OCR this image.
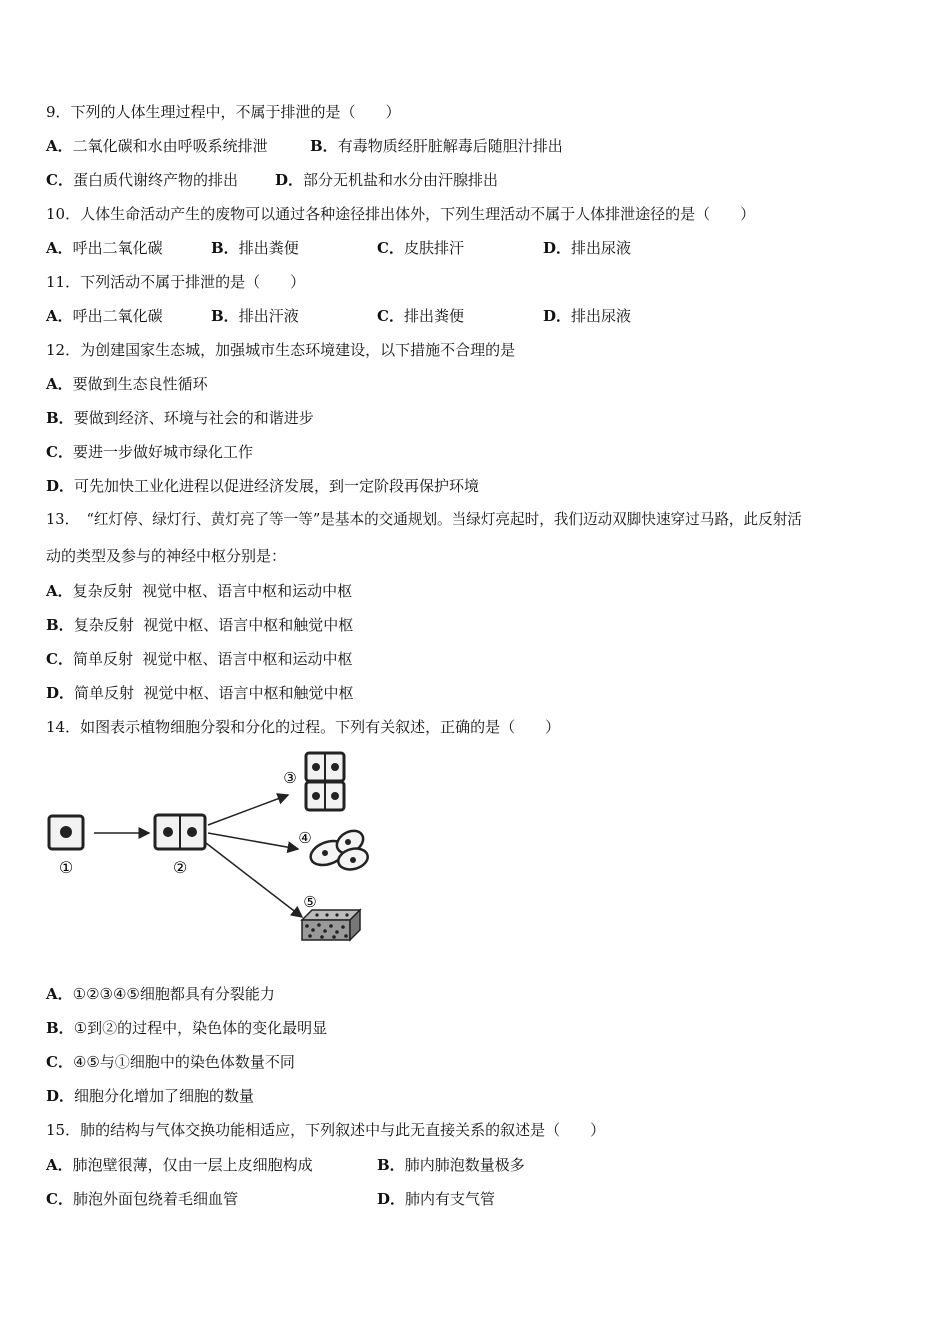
9．下列的人体生理过程中，不属于排泄的是（　　）
A．二氧化碳和水由呼吸系统排泄	B．有毒物质经肝脏解毒后随胆汁排出
C．蛋白质代谢终产物的排出 D．部分无机盐和水分由汗腺排出
10．人体生命活动产生的废物可以通过各种途径排出体外，下列生理活动不属于人体排泄途径的是（　　）
A．呼出二氧化碳	B．排出粪便	C．皮肤排汗	D．排出尿液
11．下列活动不属于排泄的是（　　）
A．呼出二氧化碳	B．排出汗液	C．排出粪便	D．排出尿液
12．为创建国家生态城，加强城市生态环境建设，以下措施不合理的是
A．要做到生态良性循环
B．要做到经济、环境与社会的和谐进步
C．要进一步做好城市绿化工作
D．可先加快工业化进程以促进经济发展，到一定阶段再保护环境
13．　“红灯停、绿灯行、黄灯亮了等一等”是基本的交通规划。当绿灯亮起时，我们迈动双脚快速穿过马路，此反射活
动的类型及参与的神经中枢分别是：
A．复杂反射  视觉中枢、语言中枢和运动中枢
B．复杂反射  视觉中枢、语言中枢和触觉中枢
C．简单反射  视觉中枢、语言中枢和运动中枢
D．简单反射  视觉中枢、语言中枢和触觉中枢
14．如图表示植物细胞分裂和分化的过程。下列有关叙述，正确的是（　　）
①	②
③
④
⑤
A．①②③④⑤细胞都具有分裂能力
B．①到②的过程中，染色体的变化最明显
C．④⑤与①细胞中的染色体数量不同
D．细胞分化增加了细胞的数量
15．肺的结构与气体交换功能相适应，下列叙述中与此无直接关系的叙述是（　　）
A．肺泡壁很薄，仅由一层上皮细胞构成	B．肺内肺泡数量极多
C．肺泡外面包绕着毛细血管	D．肺内有支气管
